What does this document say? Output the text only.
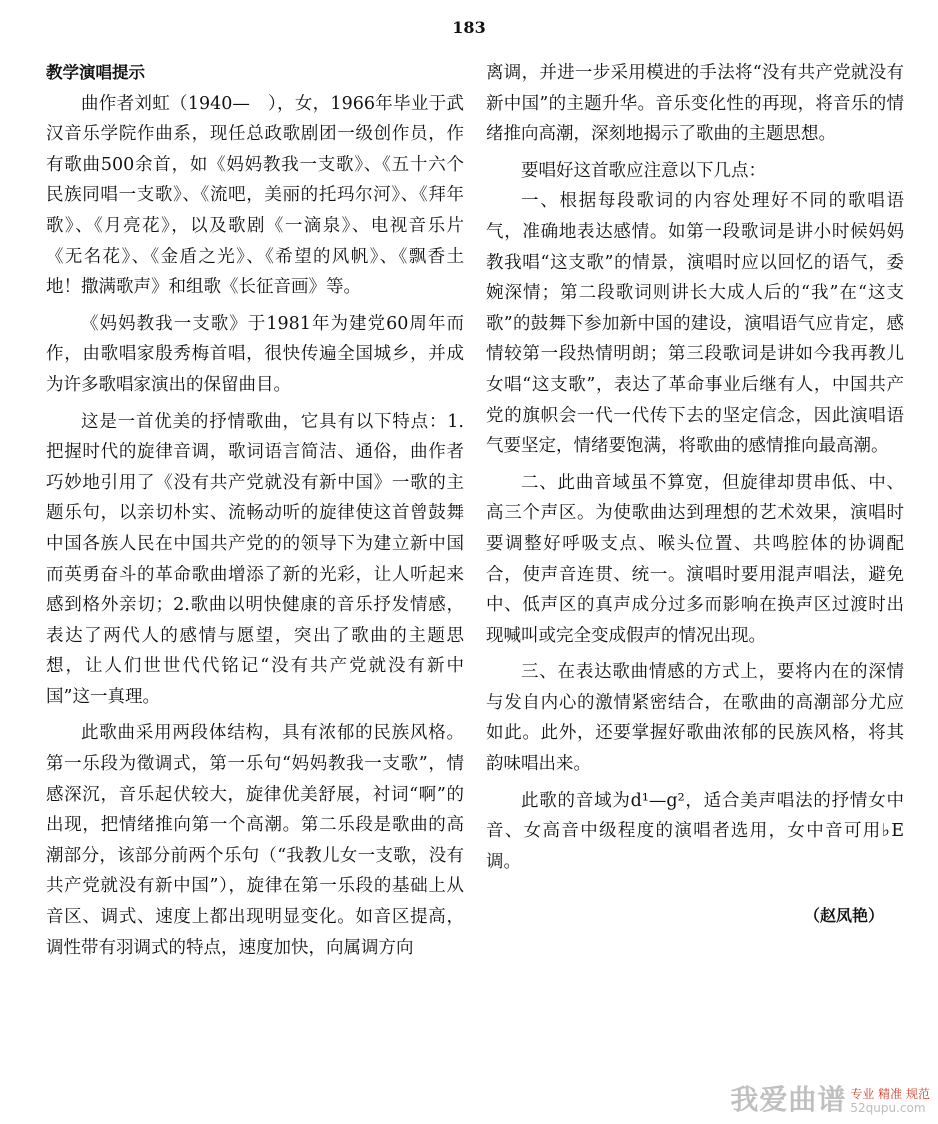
183
教学演唱提示

曲作者刘虹（1940—　），女，1966年毕业于武汉音乐学院作曲系，现任总政歌剧团一级创作员，作有歌曲500余首，如《妈妈教我一支歌》、《五十六个民族同唱一支歌》、《流吧，美丽的托玛尔河》、《拜年歌》、《月亮花》，以及歌剧《一滴泉》、电视音乐片《无名花》、《金盾之光》、《希望的风帆》、《飘香土地！撒满歌声》和组歌《长征音画》等。

《妈妈教我一支歌》于1981年为建党60周年而作，由歌唱家殷秀梅首唱，很快传遍全国城乡，并成为许多歌唱家演出的保留曲目。

这是一首优美的抒情歌曲，它具有以下特点：1.把握时代的旋律音调，歌词语言简洁、通俗，曲作者巧妙地引用了《没有共产党就没有新中国》一歌的主题乐句，以亲切朴实、流畅动听的旋律使这首曾鼓舞中国各族人民在中国共产党的的领导下为建立新中国而英勇奋斗的革命歌曲增添了新的光彩，让人听起来感到格外亲切；2.歌曲以明快健康的音乐抒发情感，表达了两代人的感情与愿望，突出了歌曲的主题思想，让人们世世代代铭记“没有共产党就没有新中国”这一真理。

此歌曲采用两段体结构，具有浓郁的民族风格。第一乐段为徵调式，第一乐句“妈妈教我一支歌”，情感深沉，音乐起伏较大，旋律优美舒展，衬词“啊”的出现，把情绪推向第一个高潮。第二乐段是歌曲的高潮部分，该部分前两个乐句（“我教儿女一支歌，没有共产党就没有新中国”），旋律在第一乐段的基础上从音区、调式、速度上都出现明显变化。如音区提高，调性带有羽调式的特点，速度加快，向属调方向

离调，并进一步采用模进的手法将“没有共产党就没有新中国”的主题升华。音乐变化性的再现，将音乐的情绪推向高潮，深刻地揭示了歌曲的主题思想。

要唱好这首歌应注意以下几点：

一、根据每段歌词的内容处理好不同的歌唱语气，准确地表达感情。如第一段歌词是讲小时候妈妈教我唱“这支歌”的情景，演唱时应以回忆的语气，委婉深情；第二段歌词则讲长大成人后的“我”在“这支歌”的鼓舞下参加新中国的建设，演唱语气应肯定，感情较第一段热情明朗；第三段歌词是讲如今我再教儿女唱“这支歌”，表达了革命事业后继有人，中国共产党的旗帜会一代一代传下去的坚定信念，因此演唱语气要坚定，情绪要饱满，将歌曲的感情推向最高潮。

二、此曲音域虽不算宽，但旋律却贯串低、中、高三个声区。为使歌曲达到理想的艺术效果，演唱时要调整好呼吸支点、喉头位置、共鸣腔体的协调配合，使声音连贯、统一。演唱时要用混声唱法，避免中、低声区的真声成分过多而影响在换声区过渡时出现喊叫或完全变成假声的情况出现。

三、在表达歌曲情感的方式上，要将内在的深情与发自内心的激情紧密结合，在歌曲的高潮部分尤应如此。此外，还要掌握好歌曲浓郁的民族风格，将其韵味唱出来。

此歌的音域为d¹—g²，适合美声唱法的抒情女中音、女高音中级程度的演唱者选用，女中音可用♭E调。

（赵凤艳）
我爱曲谱 专业 精准 规范
52qupu.com
